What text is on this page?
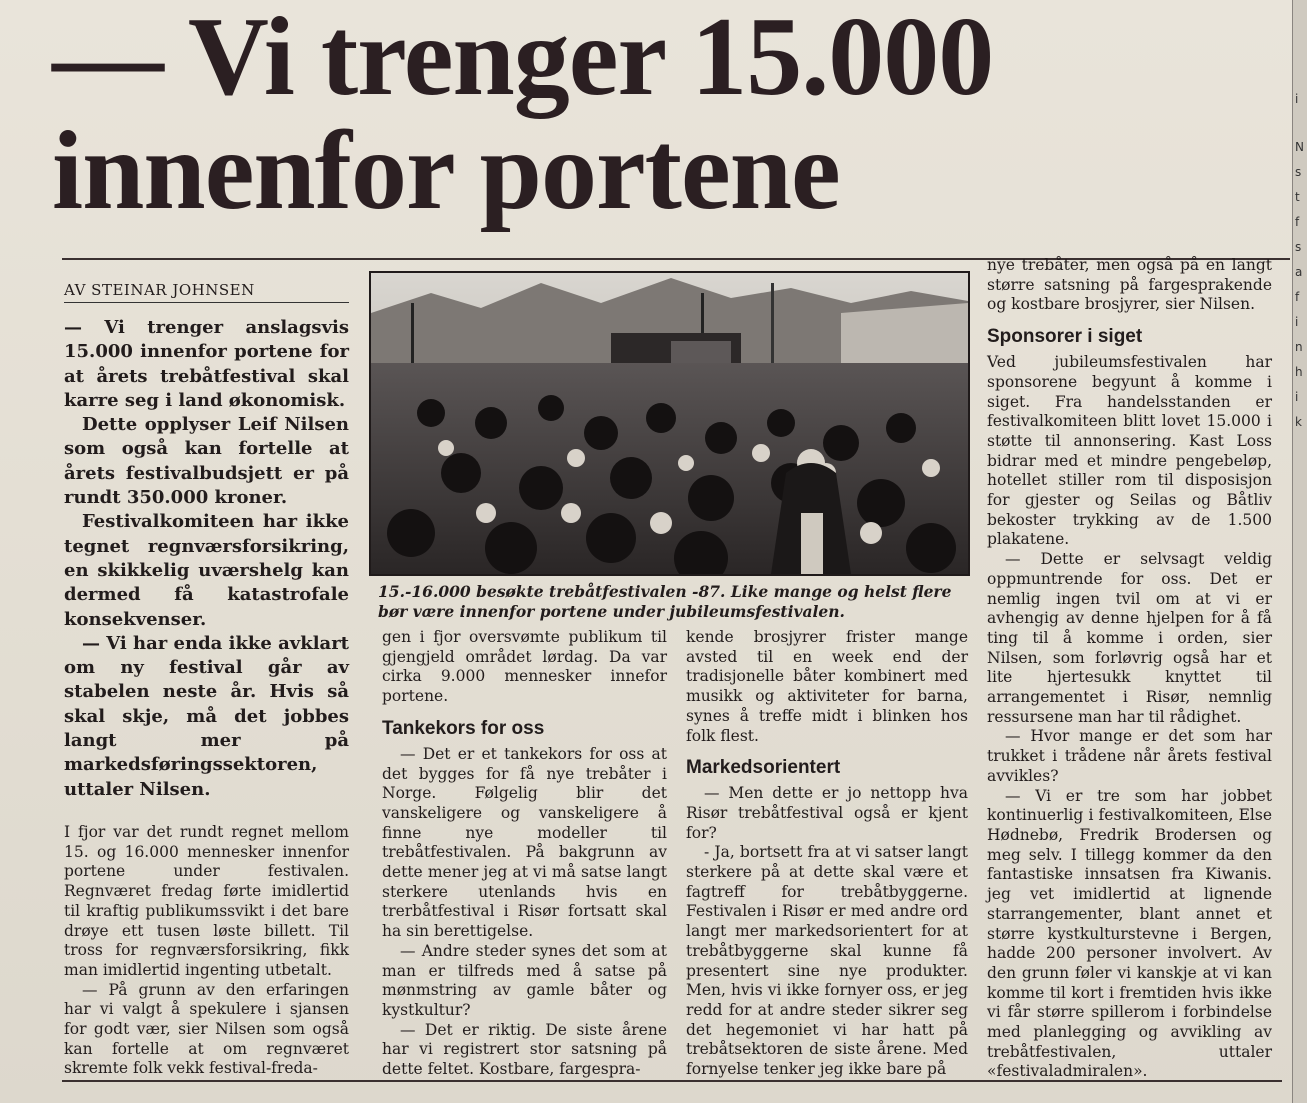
— Vi trenger 15.000
innenfor portene
AV STEINAR JOHNSEN

— Vi trenger anslagsvis 15.000 innenfor portene for at årets trebåtfestival skal karre seg i land økonomisk.

Dette opplyser Leif Nilsen som også kan fortelle at årets festivalbudsjett er på rundt 350.000 kroner.

Festivalkomiteen har ikke tegnet regnværsforsikring, en skikkelig uværshelg kan dermed få katastrofale konsekvenser.

— Vi har enda ikke avklart om ny festival går av stabelen neste år. Hvis så skal skje, må det jobbes langt mer på markedsføringssektoren, uttaler Nilsen.

I fjor var det rundt regnet mellom 15. og 16.000 mennesker innenfor portene under festivalen. Regnværet fredag førte imidlertid til kraftig publikumssvikt i det bare drøye ett tusen løste billett. Til tross for regnværsforsikring, fikk man imidlertid ingenting utbetalt.

— På grunn av den erfaringen har vi valgt å spekulere i sjansen for godt vær, sier Nilsen som også kan fortelle at om regnværet skremte folk vekk festival-freda-

15.-16.000 besøkte trebåtfestivalen -87. Like mange og helst flere bør være innenfor portene under jubileumsfestivalen.

gen i fjor oversvømte publikum til gjengjeld området lørdag. Da var cirka 9.000 mennesker innefor portene.

Tankekors for oss

— Det er et tankekors for oss at det bygges for få nye trebåter i Norge. Følgelig blir det vanskeligere og vanskeligere å finne nye modeller til trebåtfestivalen. På bakgrunn av dette mener jeg at vi må satse langt sterkere utenlands hvis en trerbåtfestival i Risør fortsatt skal ha sin berettigelse.

— Andre steder synes det som at man er tilfreds med å satse på mønmstring av gamle båter og kystkultur?

— Det er riktig. De siste årene har vi registrert stor satsning på dette feltet. Kostbare, fargespra-

kende brosjyrer frister mange avsted til en week end der tradisjonelle båter kombinert med musikk og aktiviteter for barna, synes å treffe midt i blinken hos folk flest.

Markedsorientert

— Men dette er jo nettopp hva Risør trebåtfestival også er kjent for?

- Ja, bortsett fra at vi satser langt sterkere på at dette skal være et fagtreff for trebåtbyggerne. Festivalen i Risør er med andre ord langt mer markedsorientert for at trebåtbyggerne skal kunne få presentert sine nye produkter. Men, hvis vi ikke fornyer oss, er jeg redd for at andre steder sikrer seg det hegemoniet vi har hatt på trebåtsektoren de siste årene. Med fornyelse tenker jeg ikke bare på

nye trebåter, men også på en langt større satsning på fargesprakende og kostbare brosjyrer, sier Nilsen.

Sponsorer i siget

Ved jubileumsfestivalen har sponsorene begyunt å komme i siget. Fra handelsstanden er festivalkomiteen blitt lovet 15.000 i støtte til annonsering. Kast Loss bidrar med et mindre pengebeløp, hotellet stiller rom til disposisjon for gjester og Seilas og Båtliv bekoster trykking av de 1.500 plakatene.

— Dette er selvsagt veldig oppmuntrende for oss. Det er nemlig ingen tvil om at vi er avhengig av denne hjelpen for å få ting til å komme i orden, sier Nilsen, som forløvrig også har et lite hjertesukk knyttet til arrangementet i Risør, nemnlig ressursene man har til rådighet.

— Hvor mange er det som har trukket i trådene når årets festival avvikles?

— Vi er tre som har jobbet kontinuerlig i festivalkomiteen, Else Hødnebø, Fredrik Brodersen og meg selv. I tillegg kommer da den fantastiske innsatsen fra Kiwanis. jeg vet imidlertid at lignende starrangementer, blant annet et større kystkulturstevne i Bergen, hadde 200 personer involvert. Av den grunn føler vi kanskje at vi kan komme til kort i fremtiden hvis ikke vi får større spillerom i forbindelse med planlegging og avvikling av trebåtfestivalen, uttaler «festivaladmiralen».

i
N
s
t
f
s
a
f
i
n
h
i
k
